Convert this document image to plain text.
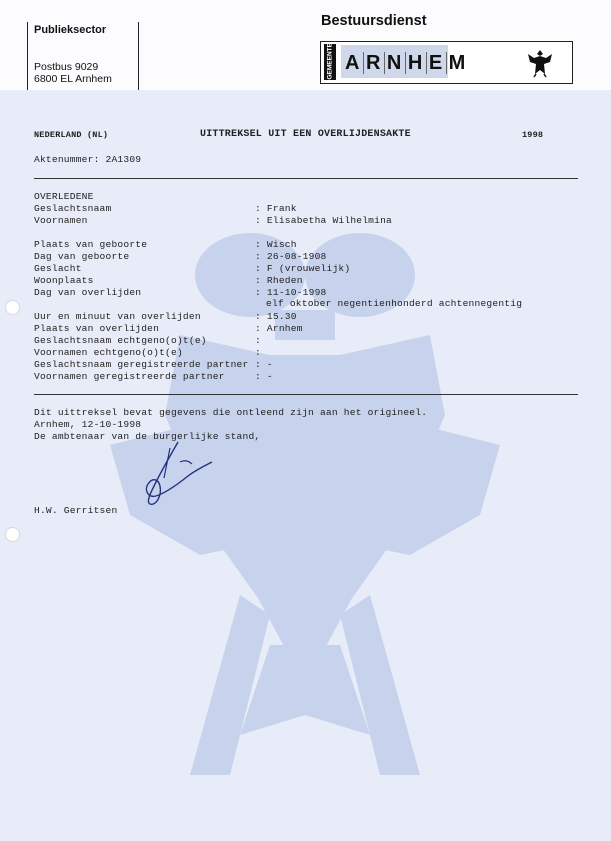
Publieksector
Postbus 9029
6800 EL Arnhem
Bestuursdienst
GEMEENTE A R N H E M
NEDERLAND (NL)	UITTREKSEL UIT EEN OVERLIJDENSAKTE	1998
Aktenummer: 2A1309
OVERLEDENE
Geslachtsnaam	: Frank
Voornamen	: Elisabetha Wilhelmina
Plaats van geboorte	: Wisch
Dag van geboorte	: 26-08-1908
Geslacht	: F (vrouwelijk)
Woonplaats	: Rheden
Dag van overlijden	: 11-10-1998
elf oktober negentienhonderd achtennegentig
Uur en minuut van overlijden	: 15.30
Plaats van overlijden	: Arnhem
Geslachtsnaam echtgeno(o)t(e)	:
Voornamen echtgeno(o)t(e)	:
Geslachtsnaam geregistreerde partner : -
Voornamen geregistreerde partner	: -
Dit uittreksel bevat gegevens die ontleend zijn aan het origineel.
Arnhem, 12-10-1998
De ambtenaar van de burgerlijke stand,
H.W. Gerritsen
